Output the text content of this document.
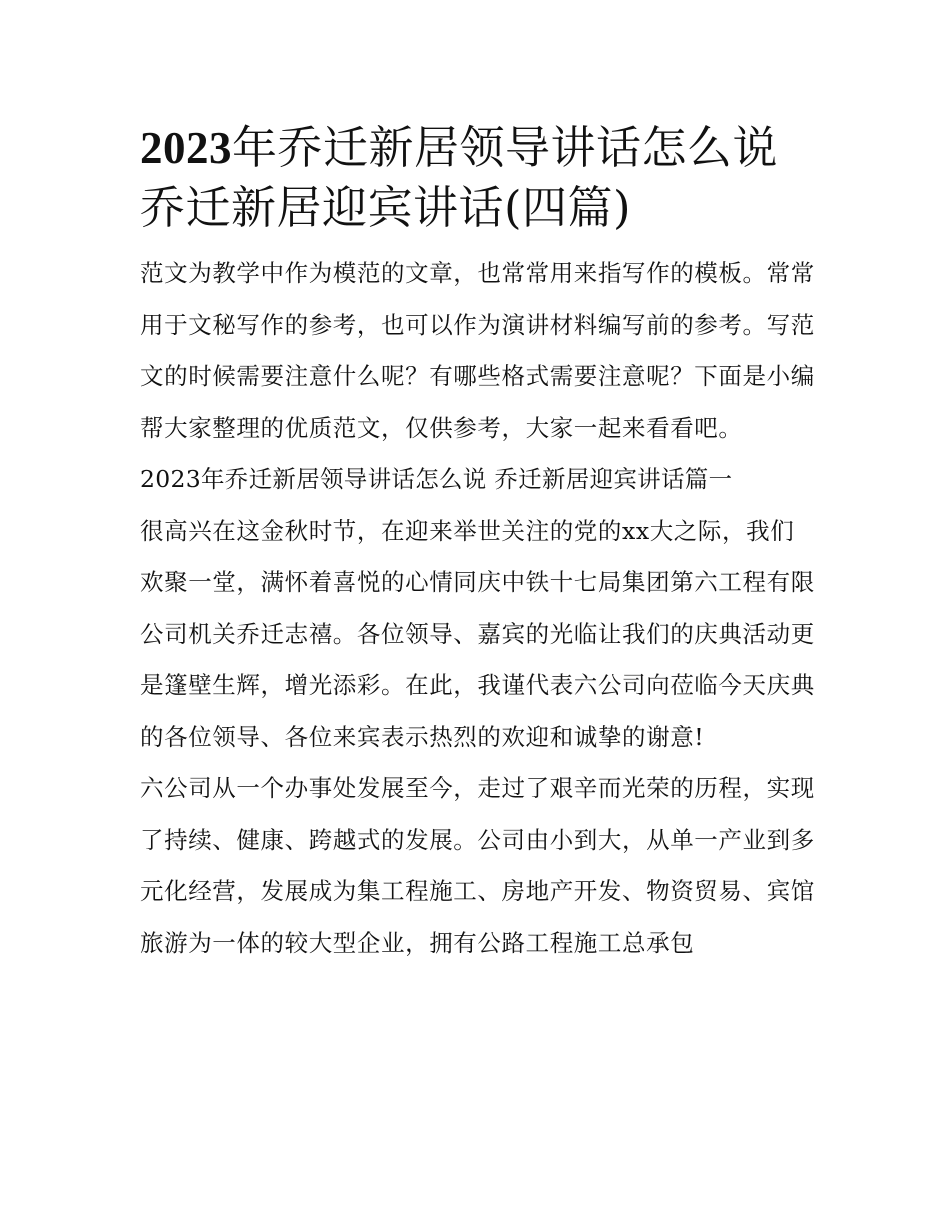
2023年乔迁新居领导讲话怎么说 乔迁新居迎宾讲话(四篇)

范文为教学中作为模范的文章，也常常用来指写作的模板。常常用于文秘写作的参考，也可以作为演讲材料编写前的参考。写范文的时候需要注意什么呢？有哪些格式需要注意呢？下面是小编帮大家整理的优质范文，仅供参考，大家一起来看看吧。

2023年乔迁新居领导讲话怎么说 乔迁新居迎宾讲话篇一

很高兴在这金秋时节，在迎来举世关注的党的xx大之际，我们欢聚一堂，满怀着喜悦的心情同庆中铁十七局集团第六工程有限公司机关乔迁志禧。各位领导、嘉宾的光临让我们的庆典活动更是篷壁生辉，增光添彩。在此，我谨代表六公司向莅临今天庆典的各位领导、各位来宾表示热烈的欢迎和诚挚的谢意!

六公司从一个办事处发展至今，走过了艰辛而光荣的历程，实现了持续、健康、跨越式的发展。公司由小到大，从单一产业到多元化经营，发展成为集工程施工、房地产开发、物资贸易、宾馆旅游为一体的较大型企业，拥有公路工程施工总承包
